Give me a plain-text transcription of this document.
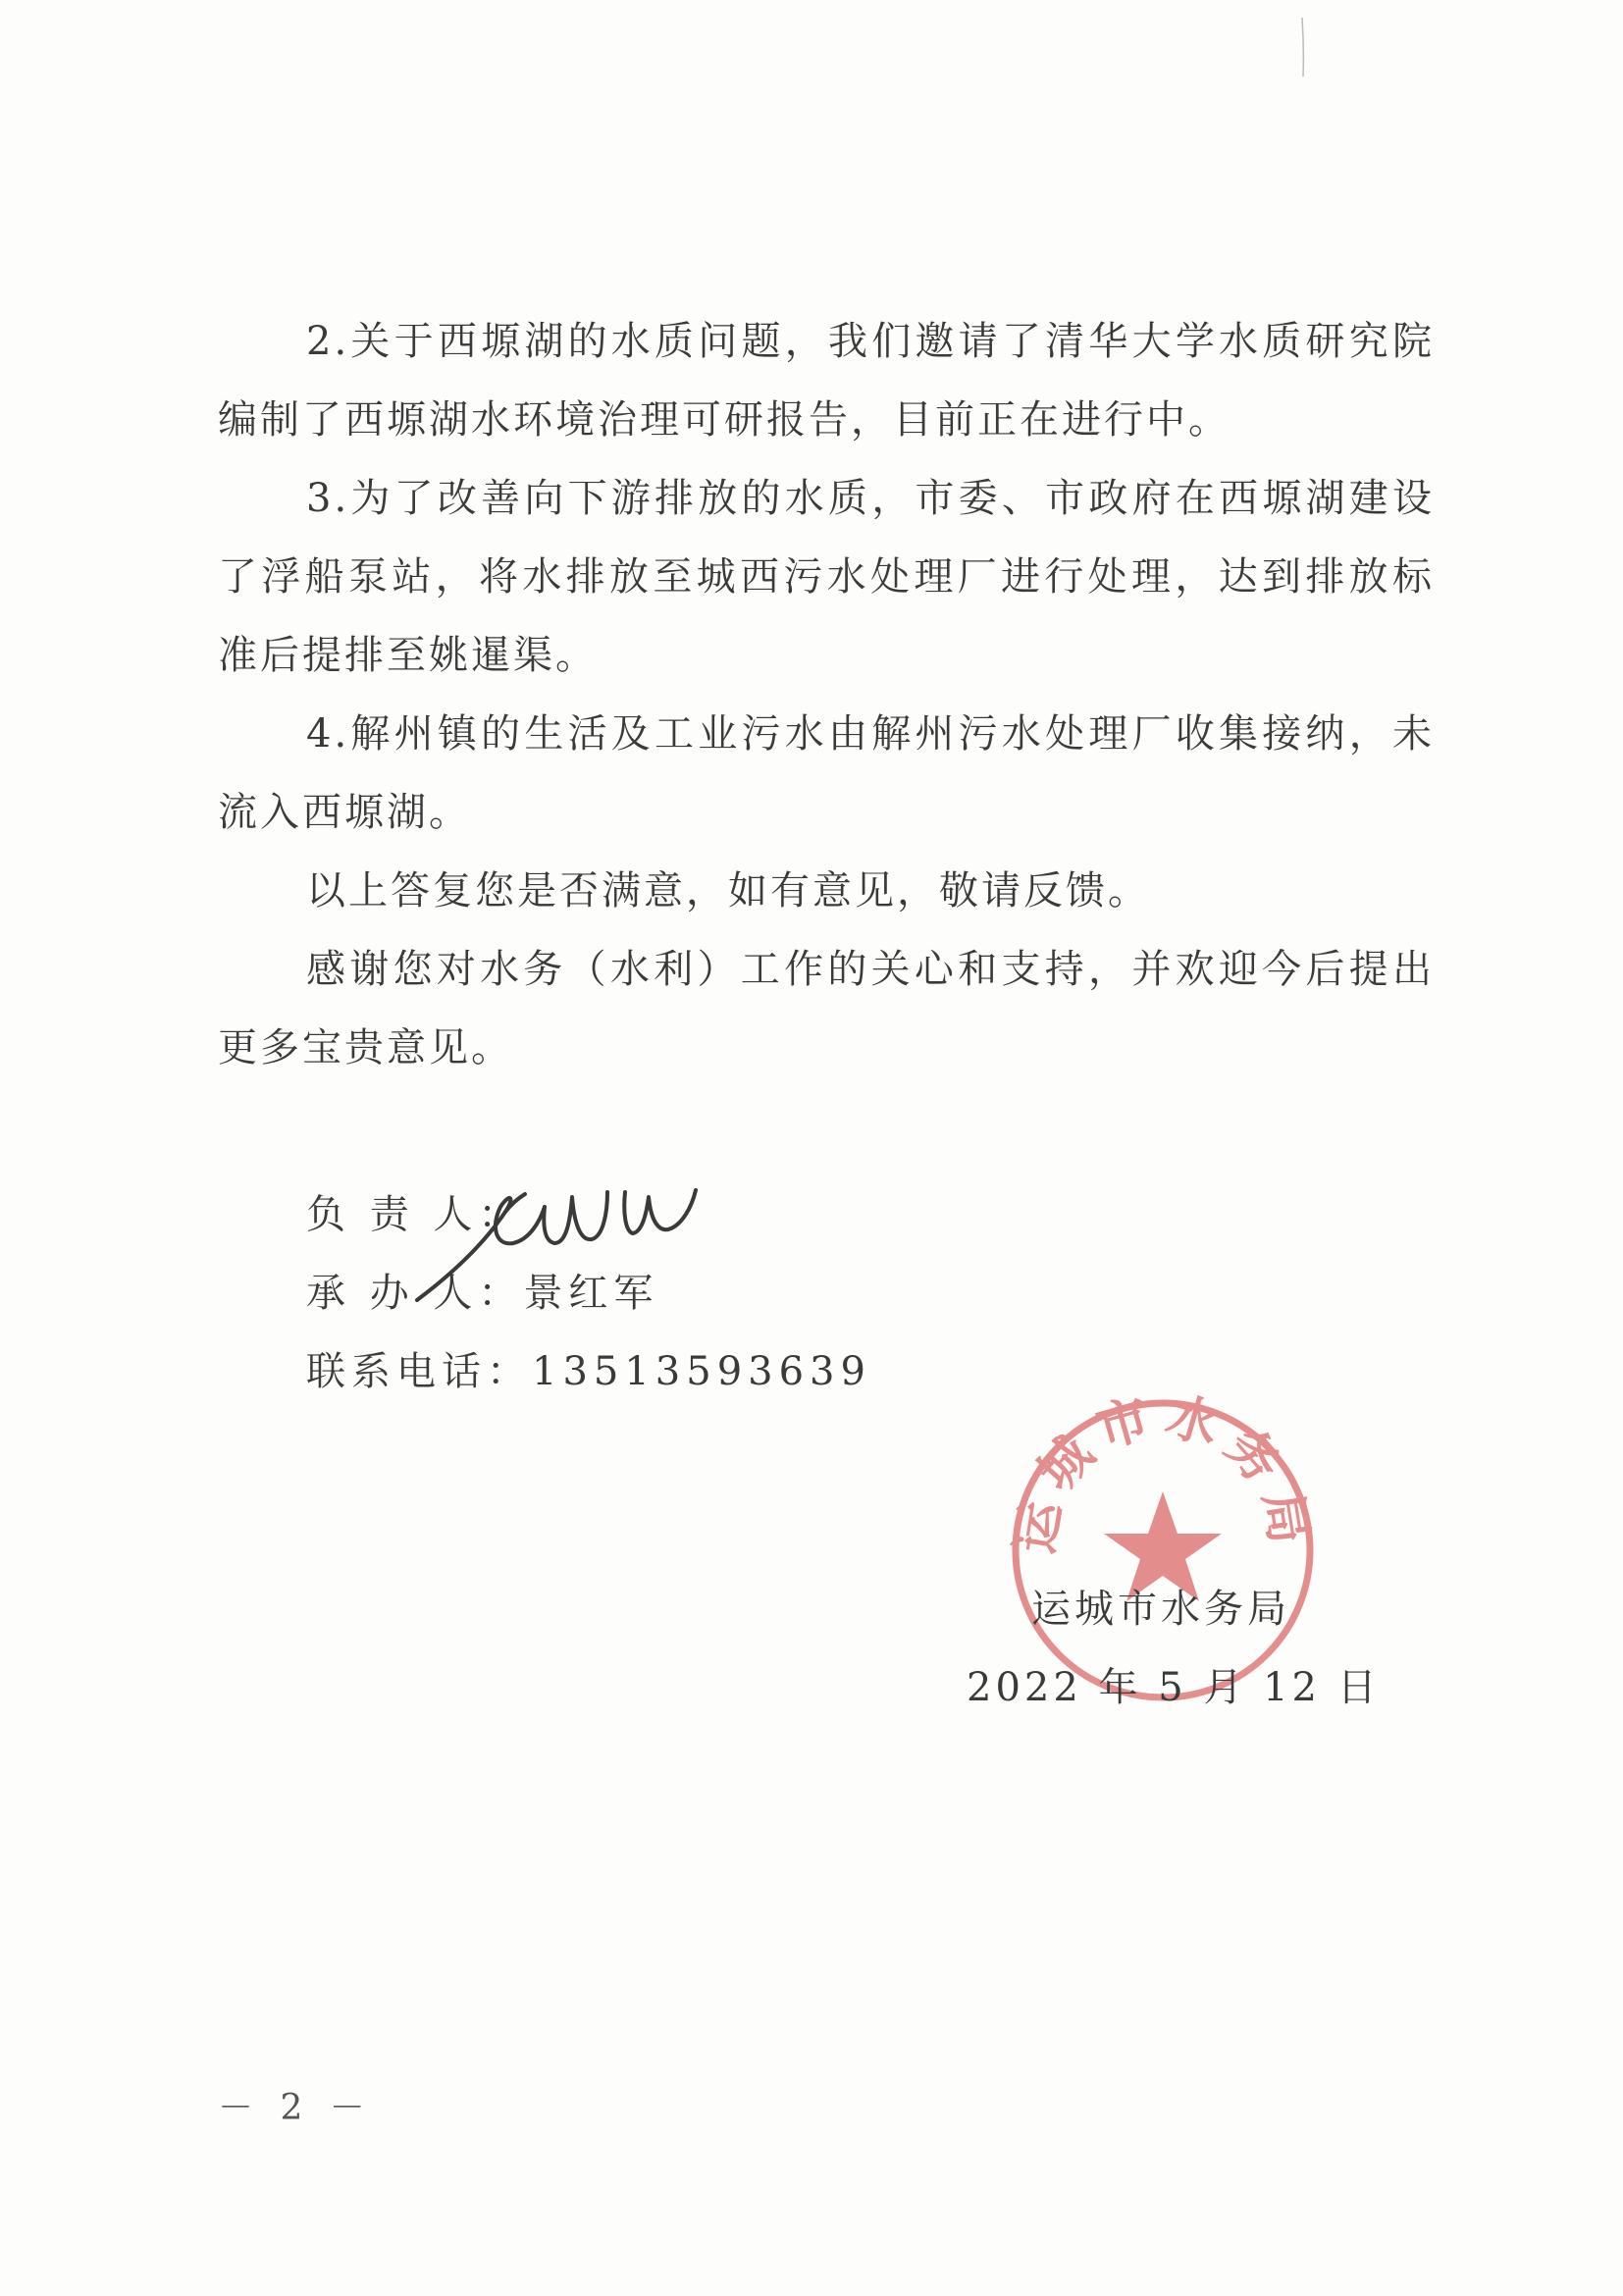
2.关于西塬湖的水质问题，我们邀请了清华大学水质研究院编制了西塬湖水环境治理可研报告，目前正在进行中。

3.为了改善向下游排放的水质，市委、市政府在西塬湖建设了浮船泵站，将水排放至城西污水处理厂进行处理，达到排放标准后提排至姚暹渠。

4.解州镇的生活及工业污水由解州污水处理厂收集接纳，未流入西塬湖。

以上答复您是否满意，如有意见，敬请反馈。

感谢您对水务（水利）工作的关心和支持，并欢迎今后提出更多宝贵意见。

负 责 人：
承 办 人：景红军
联系电话：13513593639
运城市水务局
运城市水务局
2022 年 5 月 12 日
－ 2 －
